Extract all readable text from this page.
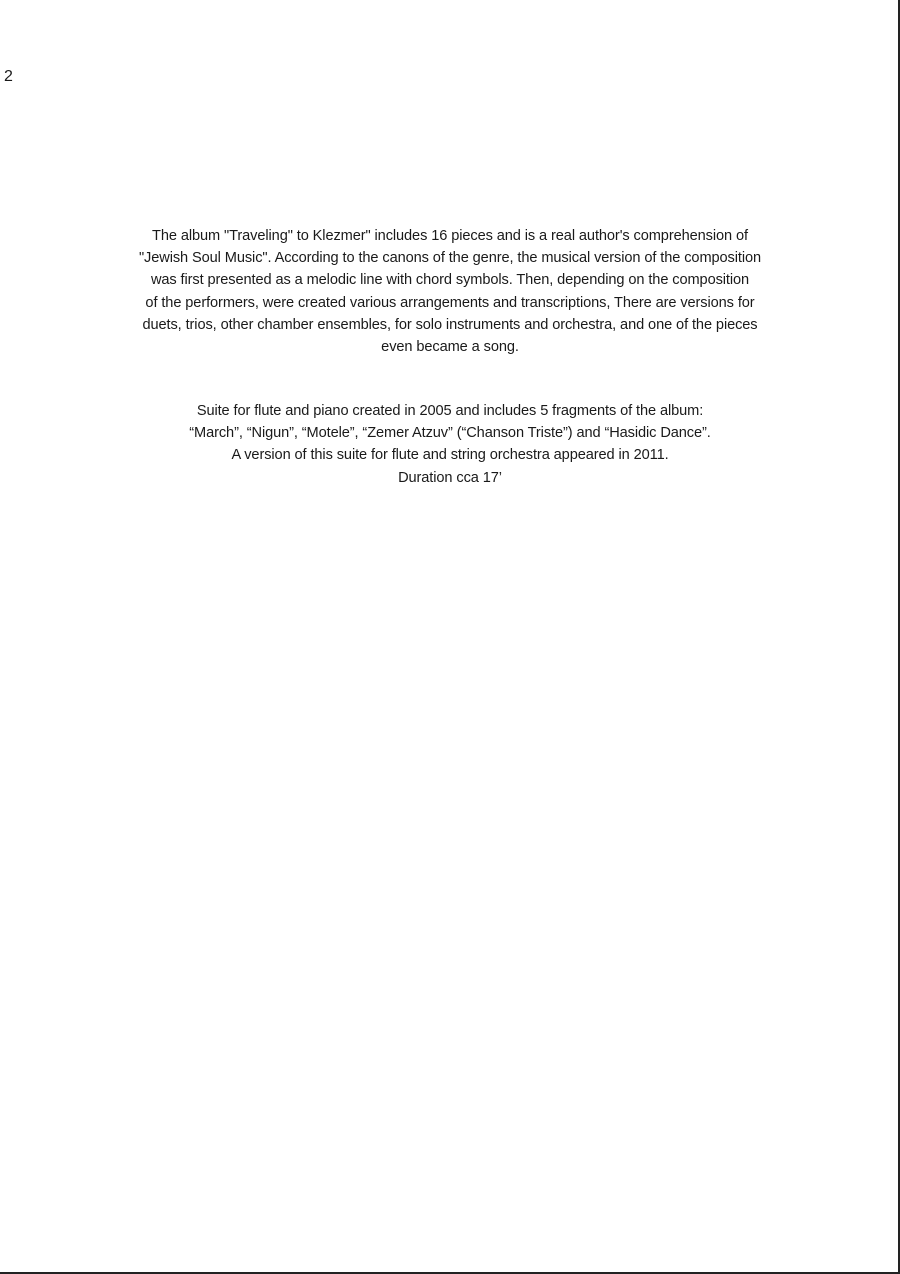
2
The album "Traveling" to Klezmer" includes 16 pieces and is a real author's comprehension of
"Jewish Soul Music". According to the canons of the genre, the musical version of the composition
was first presented as a melodic line with chord symbols. Then, depending on the composition
of the performers, were created various arrangements and transcriptions, There are versions for
duets, trios, other chamber ensembles, for solo instruments and orchestra, and one of the pieces
even became a song.
Suite for flute and piano created in 2005 and includes 5 fragments of the album:
“March”, “Nigun”, “Motele”, “Zemer Atzuv” (“Chanson Triste”) and “Hasidic Dance”.
A version of this suite for flute and string orchestra appeared in 2011.
Duration cca 17’
